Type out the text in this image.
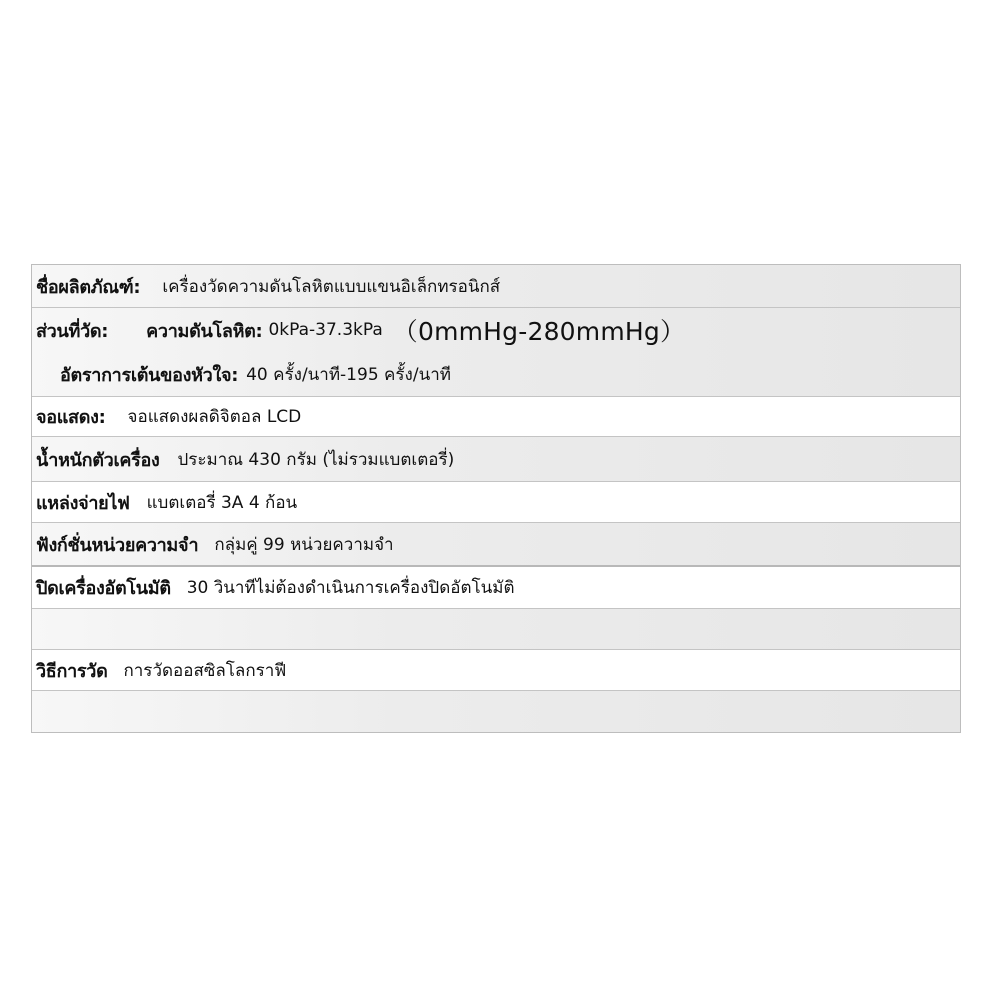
ชื่อผลิตภัณฑ์: เครื่องวัดความดันโลหิตแบบแขนอิเล็กทรอนิกส์
ส่วนที่วัด: ความดันโลหิต: 0kPa-37.3kPa （0mmHg-280mmHg）
อัตราการเต้นของหัวใจ: 40 ครั้ง/นาที-195 ครั้ง/นาที
จอแสดง: จอแสดงผลดิจิตอล LCD
น้ำหนักตัวเครื่อง ประมาณ 430 กรัม (ไม่รวมแบตเตอรี่)
แหล่งจ่ายไฟ แบตเตอรี่ 3A 4 ก้อน
ฟังก์ชั่นหน่วยความจำ กลุ่มคู่ 99 หน่วยความจำ
ปิดเครื่องอัตโนมัติ 30 วินาทีไม่ต้องดำเนินการเครื่องปิดอัตโนมัติ
วิธีการวัด การวัดออสซิลโลกราฟี
